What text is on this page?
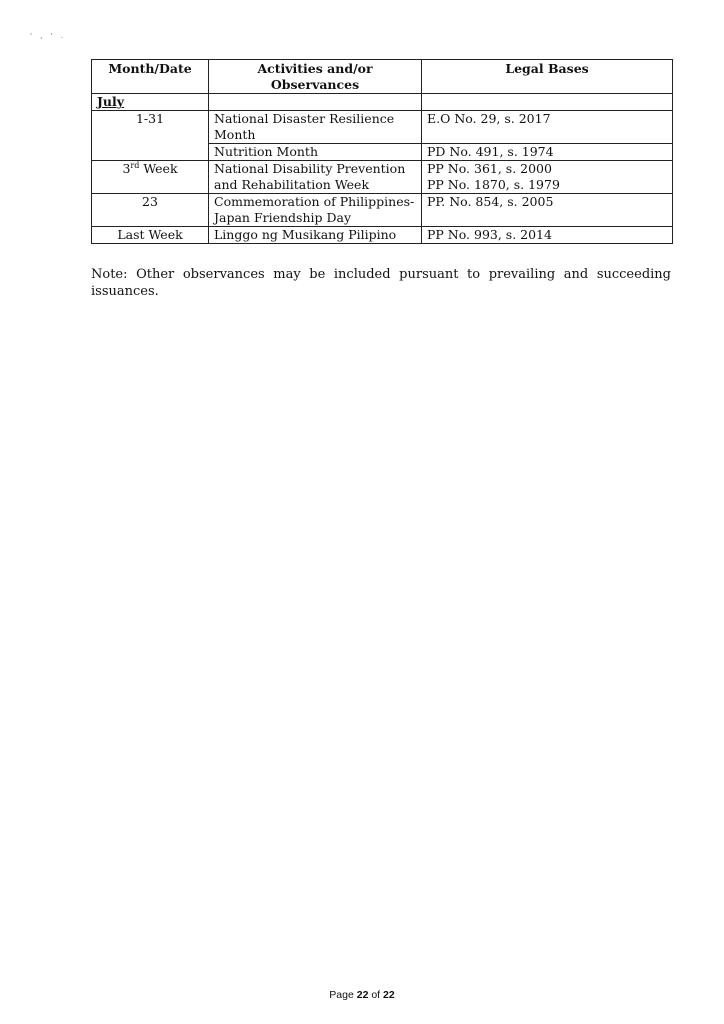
' , ' .
Month/Date	Activities and/or Observances	Legal Bases
July		
1-31	National Disaster Resilience Month	E.O No. 29, s. 2017
	Nutrition Month	PD No. 491, s. 1974
3rd Week	National Disability Prevention and Rehabilitation Week	PP No. 361, s. 2000
PP No. 1870, s. 1979

23	Commemoration of Philippines-Japan Friendship Day	PP. No. 854, s. 2005
Last Week	Linggo ng Musikang Pilipino	PP No. 993, s. 2014
Note: Other observances may be included pursuant to prevailing and succeeding issuances.
Page 22 of 22
